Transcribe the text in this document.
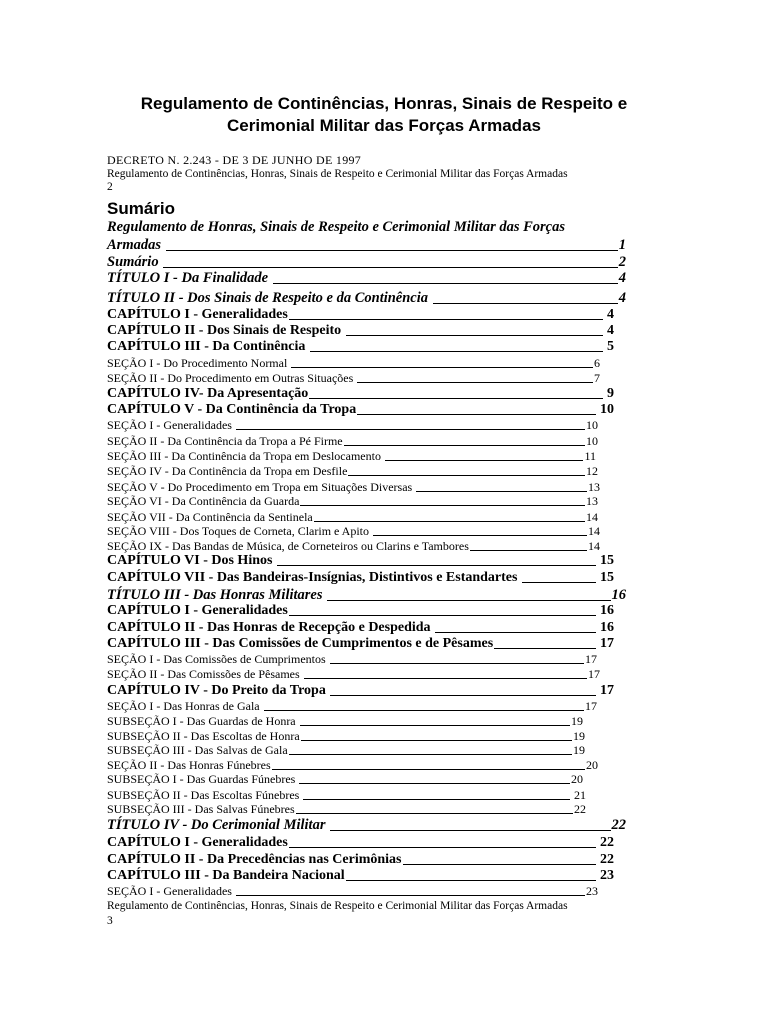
Regulamento de Continências, Honras, Sinais de Respeito e
Cerimonial Militar das Forças Armadas
DECRETO N. 2.243 - DE 3 DE JUNHO DE 1997
Regulamento de Continências, Honras, Sinais de Respeito e Cerimonial Militar das Forças Armadas
2
Sumário
Regulamento de Honras, Sinais de Respeito e Cerimonial Militar das Forças
Armadas	1
Sumário	2
TÍTULO I - Da Finalidade	4
TÍTULO II - Dos Sinais de Respeito e da Continência	4
CAPÍTULO I - Generalidades	4
CAPÍTULO II - Dos Sinais de Respeito	4
CAPÍTULO III - Da Continência	5
SEÇÃO I - Do Procedimento Normal	6
SEÇÃO II - Do Procedimento em Outras Situações	7
CAPÍTULO IV- Da Apresentação	9
CAPÍTULO V - Da Continência da Tropa	10
SEÇÃO I - Generalidades	10
SEÇÃO II - Da Continência da Tropa a Pé Firme	10
SEÇÃO III - Da Continência da Tropa em Deslocamento	11
SEÇÃO IV - Da Continência da Tropa em Desfile	12
SEÇÃO V - Do Procedimento em Tropa em Situações Diversas	13
SEÇÃO VI - Da Continência da Guarda	13
SEÇÃO VII - Da Continência da Sentinela	14
SEÇÃO VIII - Dos Toques de Corneta, Clarim e Apito	14
SEÇÃO IX - Das Bandas de Música, de Corneteiros ou Clarins e Tambores	14
CAPÍTULO VI - Dos Hinos	15
CAPÍTULO VII - Das Bandeiras-Insígnias, Distintivos e Estandartes	15
TÍTULO III - Das Honras Militares	16
CAPÍTULO I - Generalidades	16
CAPÍTULO II - Das Honras de Recepção e Despedida	16
CAPÍTULO III - Das Comissões de Cumprimentos e de Pêsames	17
SEÇÃO I - Das Comissões de Cumprimentos	17
SEÇÃO II - Das Comissões de Pêsames	17
CAPÍTULO IV - Do Preito da Tropa	17
SEÇÃO I - Das Honras de Gala	17
SUBSEÇÃO I - Das Guardas de Honra	19
SUBSEÇÃO II - Das Escoltas de Honra	19
SUBSEÇÃO III - Das Salvas de Gala	19
SEÇÃO II - Das Honras Fúnebres	20
SUBSEÇÃO I - Das Guardas Fúnebres	20
SUBSEÇÃO II - Das Escoltas Fúnebres	21
SUBSEÇÃO III - Das Salvas Fúnebres	22
TÍTULO IV - Do Cerimonial Militar	22
CAPÍTULO I - Generalidades	22
CAPÍTULO II - Da Precedências nas Cerimônias	22
CAPÍTULO III - Da Bandeira Nacional	23
SEÇÃO I - Generalidades	23
Regulamento de Continências, Honras, Sinais de Respeito e Cerimonial Militar das Forças Armadas
3
